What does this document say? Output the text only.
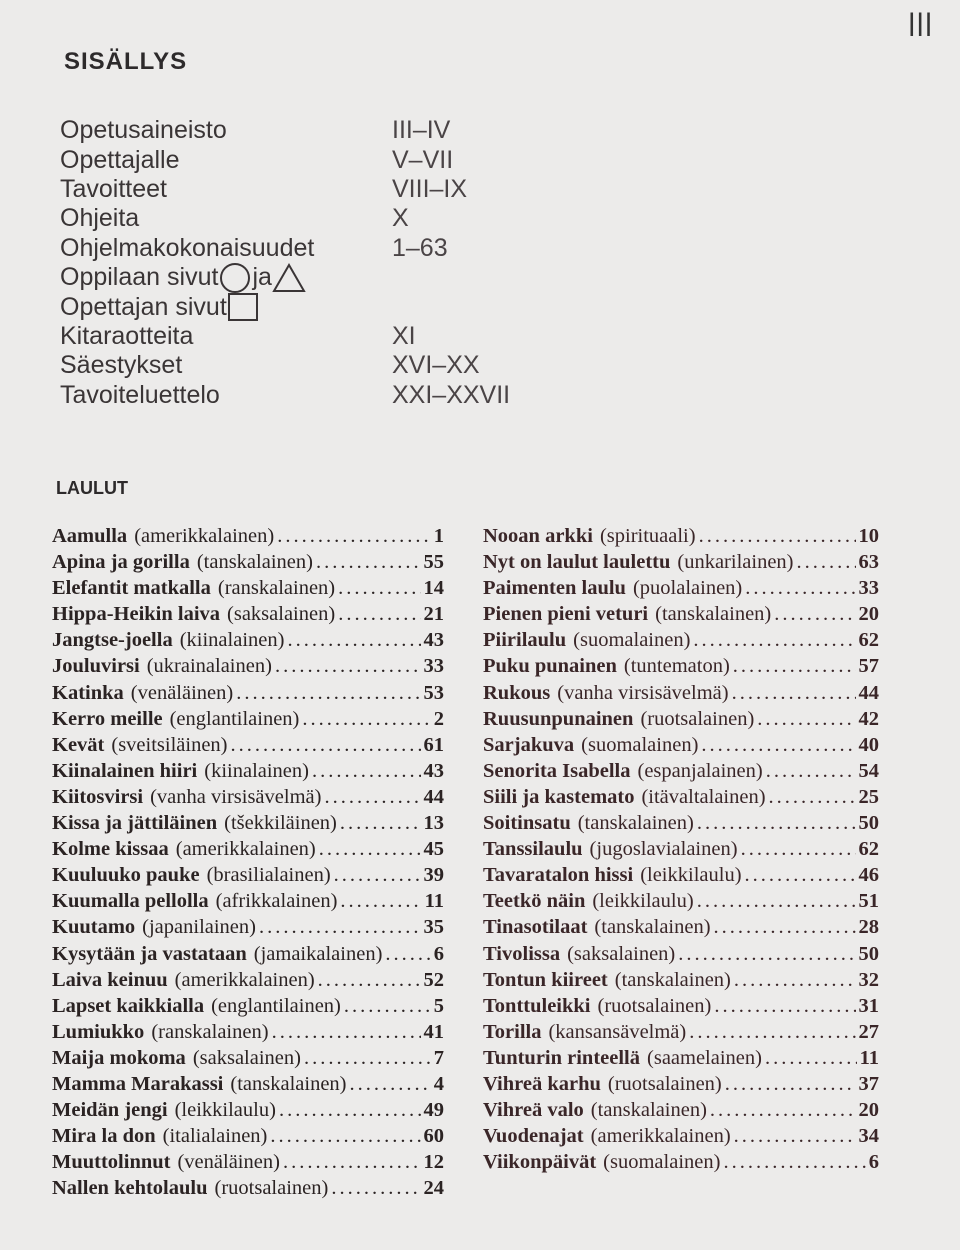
III
SISÄLLYS
Opetusaineisto	III–IV
Opettajalle	V–VII
Tavoitteet	VIII–IX
Ohjeita	X
Ohjelmakokonaisuudet	1–63
Oppilaan sivut ja
Opettajan sivut
Kitaraotteita	XI
Säestykset	XVI–XX
Tavoiteluettelo	XXI–XXVII
LAULUT
Aamulla (amerikkalainen) .....	1
Apina ja gorilla (tanskalainen) .....	55
Elefantit matkalla (ranskalainen) .....	14
Hippa-Heikin laiva (saksalainen) .....	21
Jangtse-joella (kiinalainen) .....	43
Jouluvirsi (ukrainalainen) .....	33
Katinka (venäläinen) .....	53
Kerro meille (englantilainen) .....	2
Kevät (sveitsiläinen) .....	61
Kiinalainen hiiri (kiinalainen) .....	43
Kiitosvirsi (vanha virsisävelmä) .....	44
Kissa ja jättiläinen (tšekkiläinen) .....	13
Kolme kissaa (amerikkalainen) .....	45
Kuuluuko pauke (brasilialainen) .....	39
Kuumalla pellolla (afrikkalainen) .....	11
Kuutamo (japanilainen) .....	35
Kysytään ja vastataan (jamaikalainen) .....	6
Laiva keinuu (amerikkalainen) .....	52
Lapset kaikkialla (englantilainen) .....	5
Lumiukko (ranskalainen) .....	41
Maija mokoma (saksalainen) .....	7
Mamma Marakassi (tanskalainen) .....	4
Meidän jengi (leikkilaulu) .....	49
Mira la don (italialainen) .....	60
Muuttolinnut (venäläinen) .....	12
Nallen kehtolaulu (ruotsalainen) .....	24
Nooan arkki (spirituaali) .....	10
Nyt on laulut laulettu (unkarilainen) .....	63
Paimenten laulu (puolalainen) .....	33
Pienen pieni veturi (tanskalainen) .....	20
Piirilaulu (suomalainen) .....	62
Puku punainen (tuntematon) .....	57
Rukous (vanha virsisävelmä) .....	44
Ruusunpunainen (ruotsalainen) .....	42
Sarjakuva (suomalainen) .....	40
Senorita Isabella (espanjalainen) .....	54
Siili ja kastemato (itävaltalainen) .....	25
Soitinsatu (tanskalainen) .....	50
Tanssilaulu (jugoslavialainen) .....	62
Tavaratalon hissi (leikkilaulu) .....	46
Teetkö näin (leikkilaulu) .....	51
Tinasotilaat (tanskalainen) .....	28
Tivolissa (saksalainen) .....	50
Tontun kiireet (tanskalainen) .....	32
Tonttuleikki (ruotsalainen) .....	31
Torilla (kansansävelmä) .....	27
Tunturin rinteellä (saamelainen) .....	11
Vihreä karhu (ruotsalainen) .....	37
Vihreä valo (tanskalainen) .....	20
Vuodenajat (amerikkalainen) .....	34
Viikonpäivät (suomalainen) .....	6
